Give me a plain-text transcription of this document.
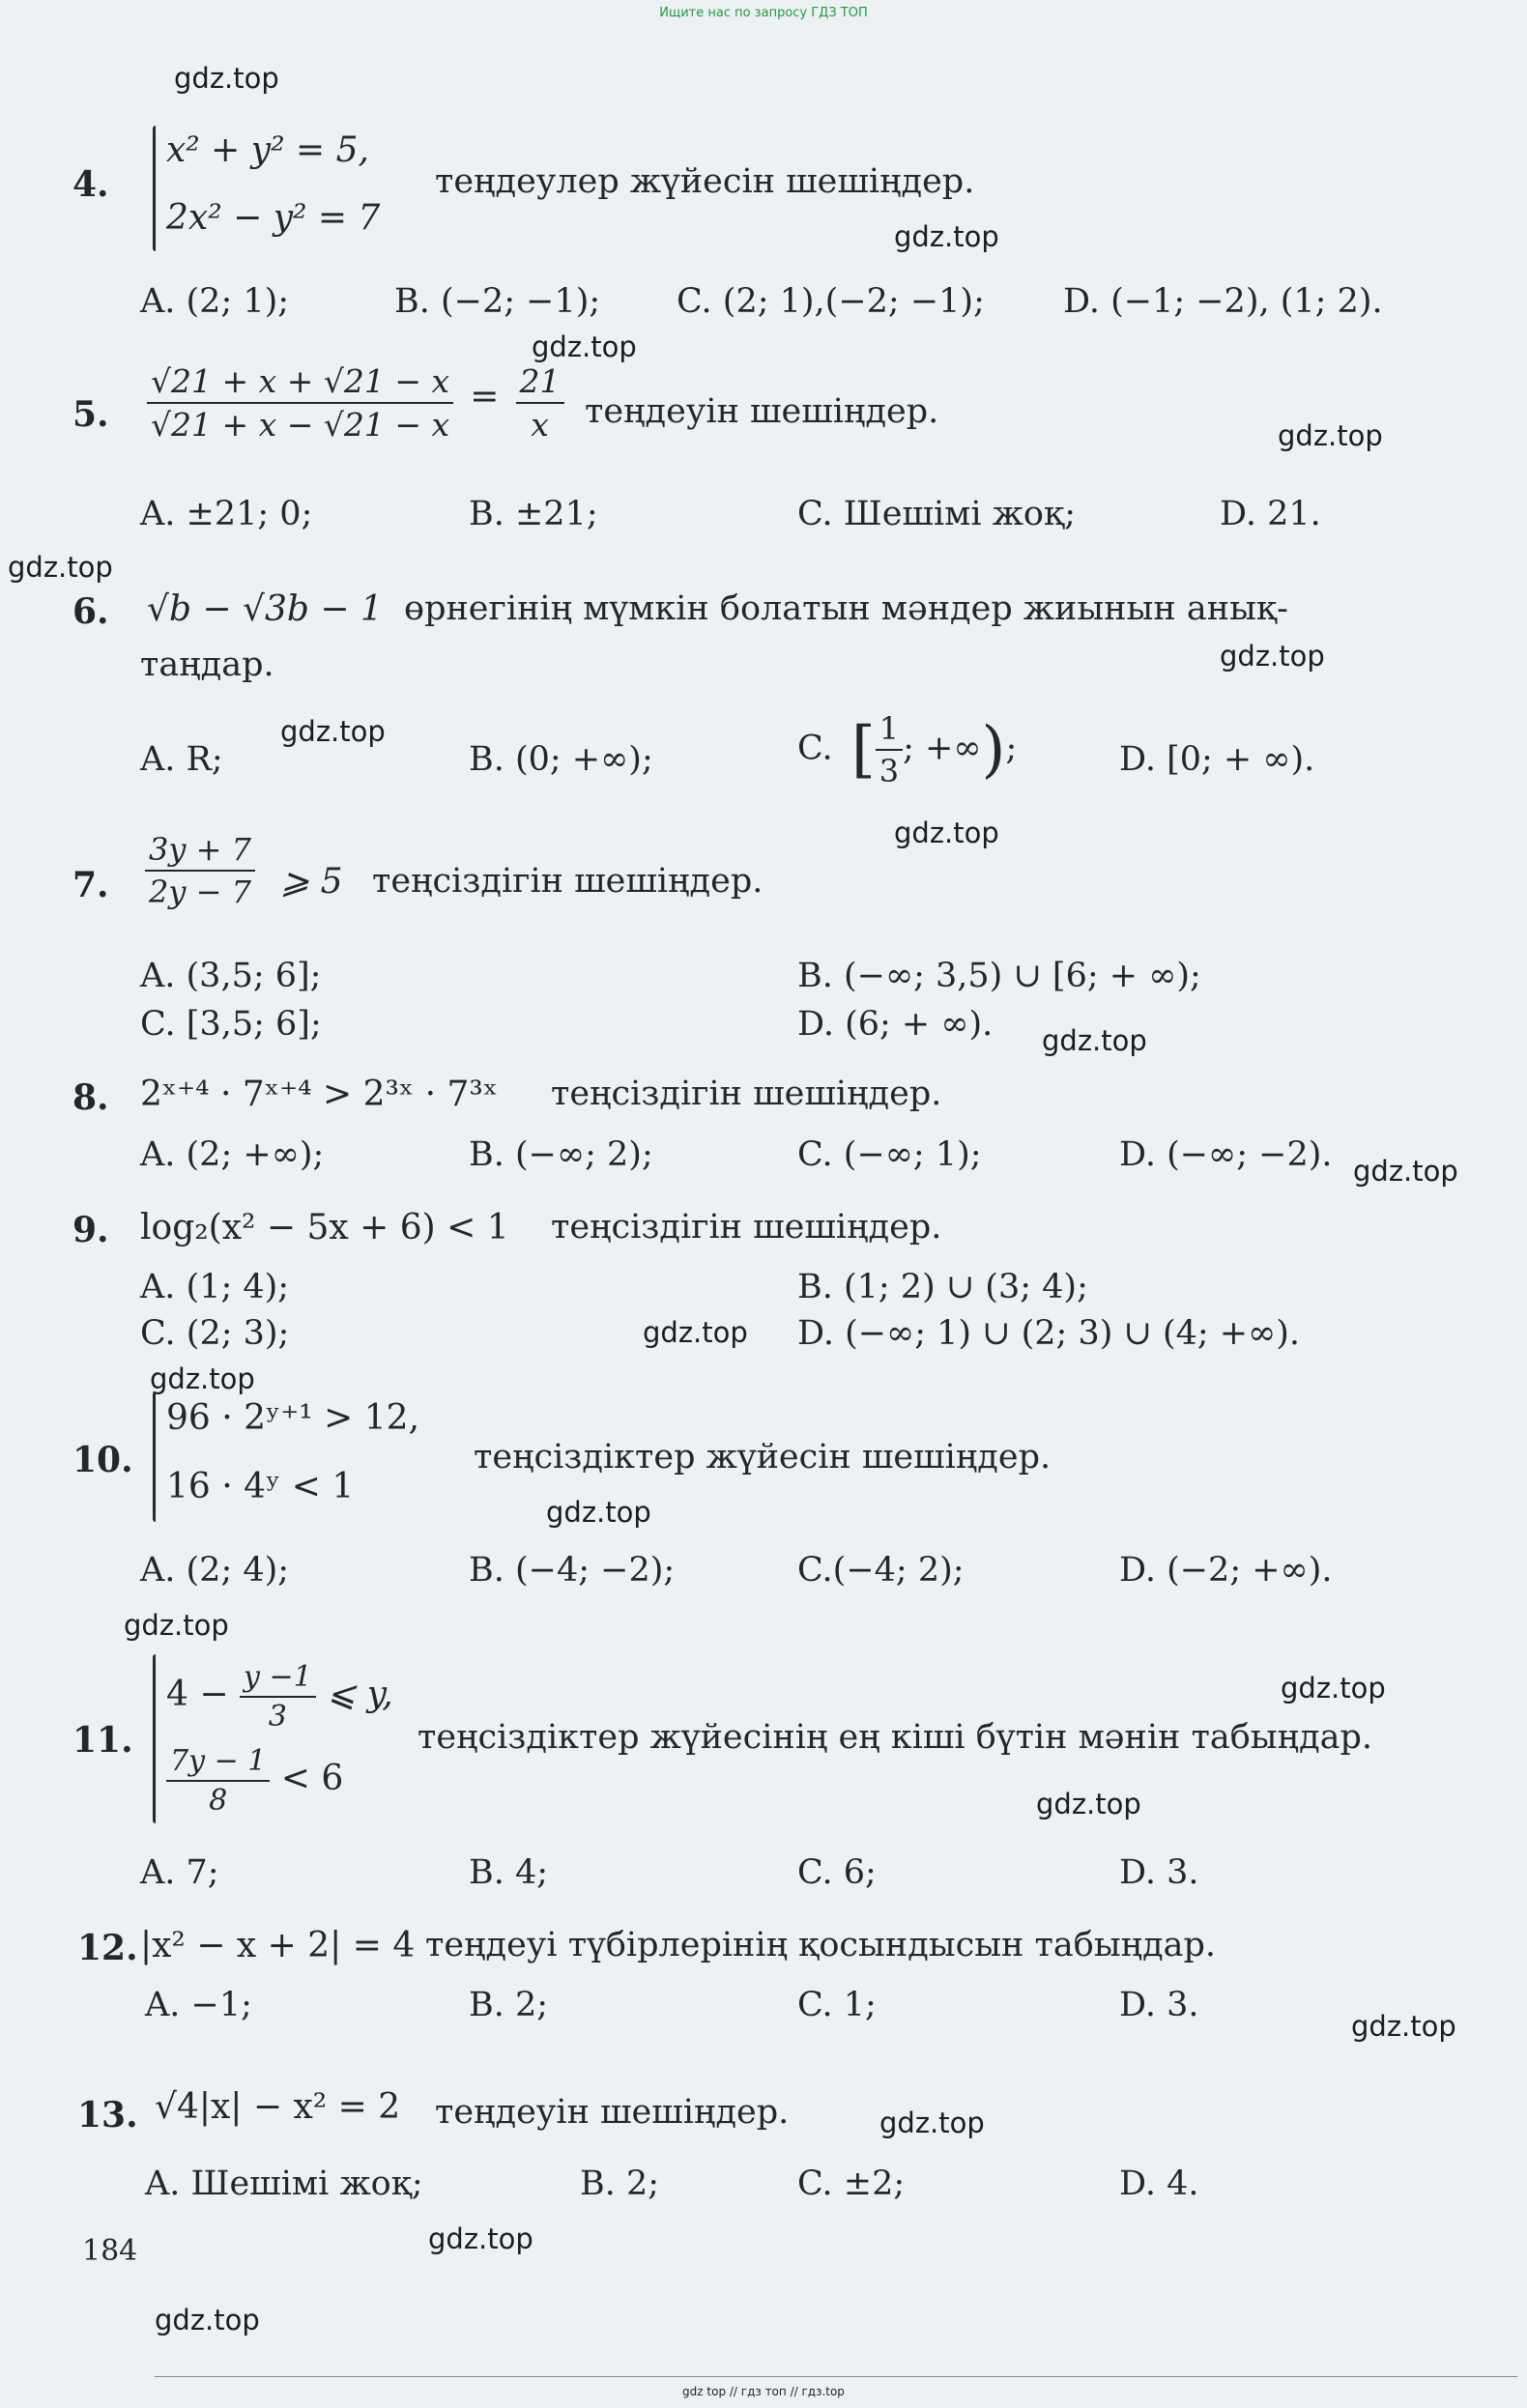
Ищите нас по запросу ГДЗ ТОП
gdz.top
gdz.top
gdz.top
gdz.top
gdz.top
gdz.top
gdz.top
gdz.top
gdz.top
gdz.top
gdz.top
gdz.top
gdz.top
gdz.top
gdz.top
gdz.top
gdz.top
gdz.top
gdz.top
gdz.top
4.
x² + y² = 5,
2x² − y² = 7
теңдеулер жүйесін шешіңдер.
A. (2; 1);	B. (−2; −1); C. (2; 1),(−2; −1); D. (−1; −2), (1; 2).
5. $\frac{√21 + x + √21 - x}{√21 + x - √21 - x} = \frac{21}{x}$ теңдеуін шешіңдер.
A. ±21; 0;	B. ±21;	C. Шешімі жоқ;	D. 21.
6. √b − √3b − 1 өрнегінің мүмкін болатын мәндер жиынын анық-
таңдар.
A. R;	B. (0; +∞);	C. [ $\frac{1}{3}$ ; +∞);	D. [0; + ∞).
7. $\frac{3y + 7}{2y - 7}$ ⩾ 5 теңсіздігін шешіңдер.
A. (3,5; 6];	B. (−∞; 3,5) ∪ [6; + ∞);
C. [3,5; 6];	D. (6; + ∞).
8. 2ˣ⁺⁴ · 7ˣ⁺⁴ > 2³ˣ · 7³ˣ теңсіздігін шешіңдер.
A. (2; +∞);	B. (−∞; 2);	C. (−∞; 1);	D. (−∞; −2).
9. log₂(x² − 5x + 6) < 1 теңсіздігін шешіңдер.
A. (1; 4);	B. (1; 2) ∪ (3; 4);
C. (2; 3);	D. (−∞; 1) ∪ (2; 3) ∪ (4; +∞).
10.
96 · 2ʸ⁺¹ > 12,
16 · 4ʸ < 1
теңсіздіктер жүйесін шешіңдер.
A. (2; 4);	B. (−4; −2);	C.(−4; 2);	D. (−2; +∞).
11.
$4 - \frac{y -1}{3}$ ⩽ y,
$\frac{7y - 1}{8} < 6$
теңсіздіктер жүйесінің ең кіші бүтін мәнін табыңдар.
A. 7;	B. 4;	C. 6;	D. 3.
12. |x² − x + 2| = 4 теңдеуі түбірлерінің қосындысын табыңдар.
A. −1;	B. 2;	C. 1;	D. 3.
13. √4|x| − x² = 2 теңдеуін шешіңдер.
A. Шешімі жоқ;	B. 2;	C. ±2;	D. 4.
184
gdz top // гдз топ // гдз.top
